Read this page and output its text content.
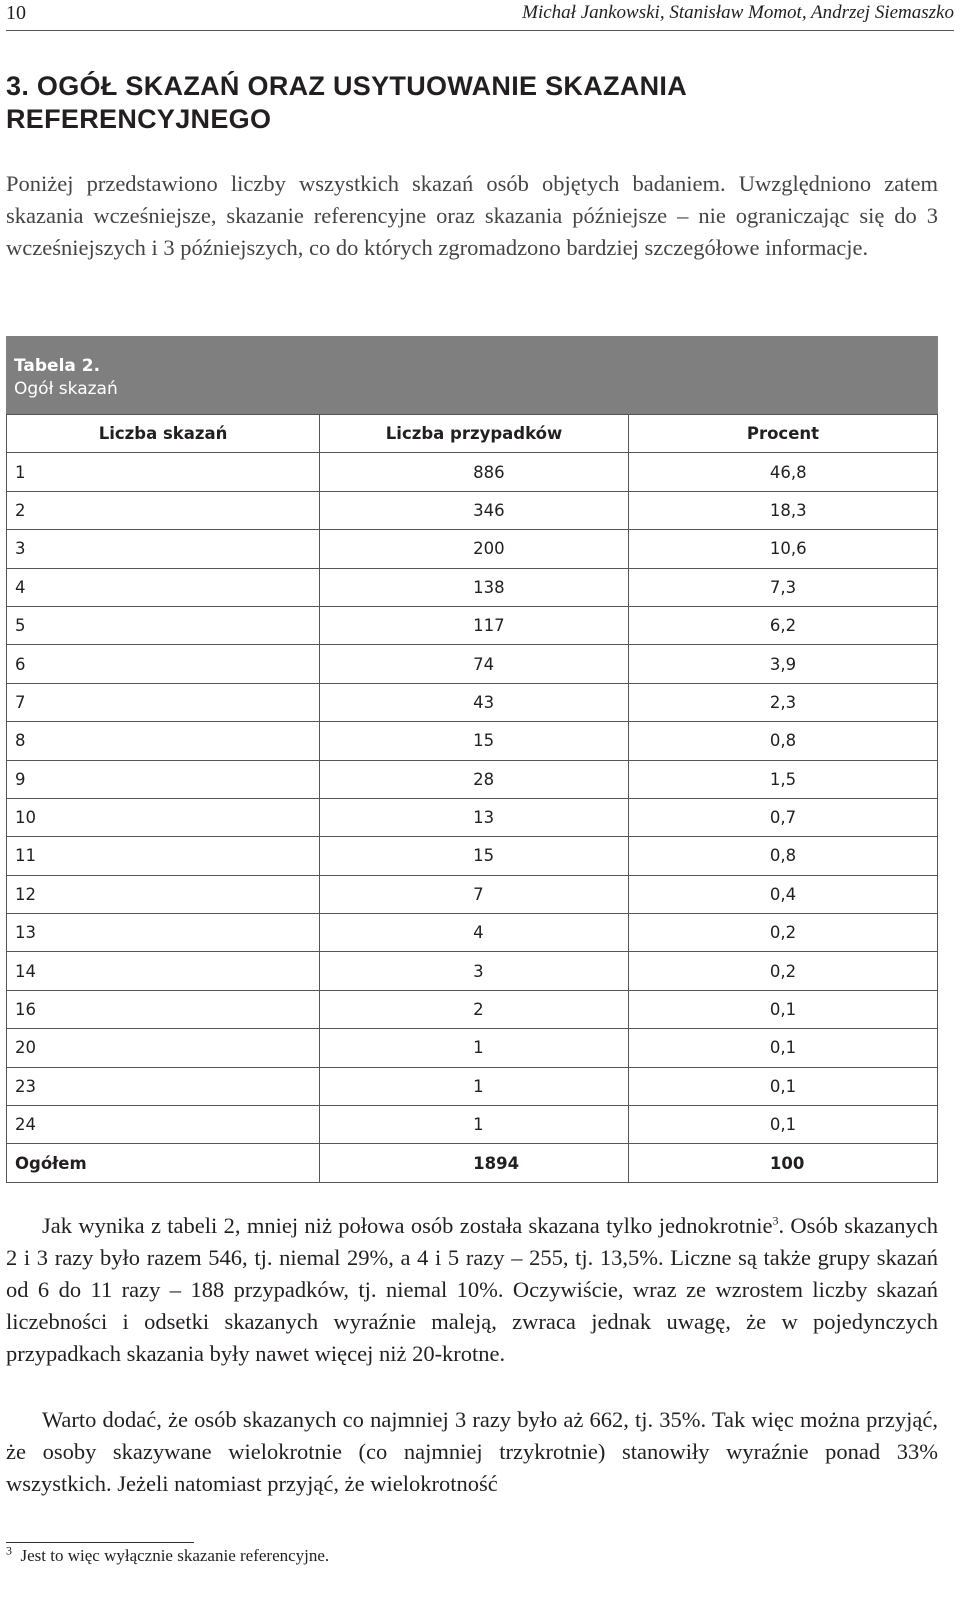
10	Michał Jankowski, Stanisław Momot, Andrzej Siemaszko
3. OGÓŁ SKAZAŃ ORAZ USYTUOWANIE SKAZANIA
REFERENCYJNEGO

Poniżej przedstawiono liczby wszystkich skazań osób objętych badaniem. Uwzględniono zatem skazania wcześniejsze, skazanie referencyjne oraz skazania późniejsze – nie ograniczając się do 3 wcześniejszych i 3 późniejszych, co do których zgromadzono bardziej szczegółowe informacje.

Tabela 2.
Ogół skazań
Liczba skazań	Liczba przypadków	Procent
1	886	46,8
2	346	18,3
3	200	10,6
4	138	7,3
5	117	6,2
6	74	3,9
7	43	2,3
8	15	0,8
9	28	1,5
10	13	0,7
11	15	0,8
12	7	0,4
13	4	0,2
14	3	0,2
16	2	0,1
20	1	0,1
23	1	0,1
24	1	0,1
Ogółem	1894	100

Jak wynika z tabeli 2, mniej niż połowa osób została skazana tylko jednokrotnie$^3$. Osób skazanych 2 i 3 razy było razem 546, tj. niemal 29%, a 4 i 5 razy – 255, tj. 13,5%. Liczne są także grupy skazań od 6 do 11 razy – 188 przypadków, tj. niemal 10%. Oczywiście, wraz ze wzrostem liczby skazań liczebności i odsetki skazanych wyraźnie maleją, zwraca jednak uwagę, że w pojedynczych przypadkach skazania były nawet więcej niż 20-krotne.

Warto dodać, że osób skazanych co najmniej 3 razy było aż 662, tj. 35%. Tak więc można przyjąć, że osoby skazywane wielokrotnie (co najmniej trzykrotnie) stanowiły wyraźnie ponad 33% wszystkich. Jeżeli natomiast przyjąć, że wielokrotność

$^3$ Jest to więc wyłącznie skazanie referencyjne.
